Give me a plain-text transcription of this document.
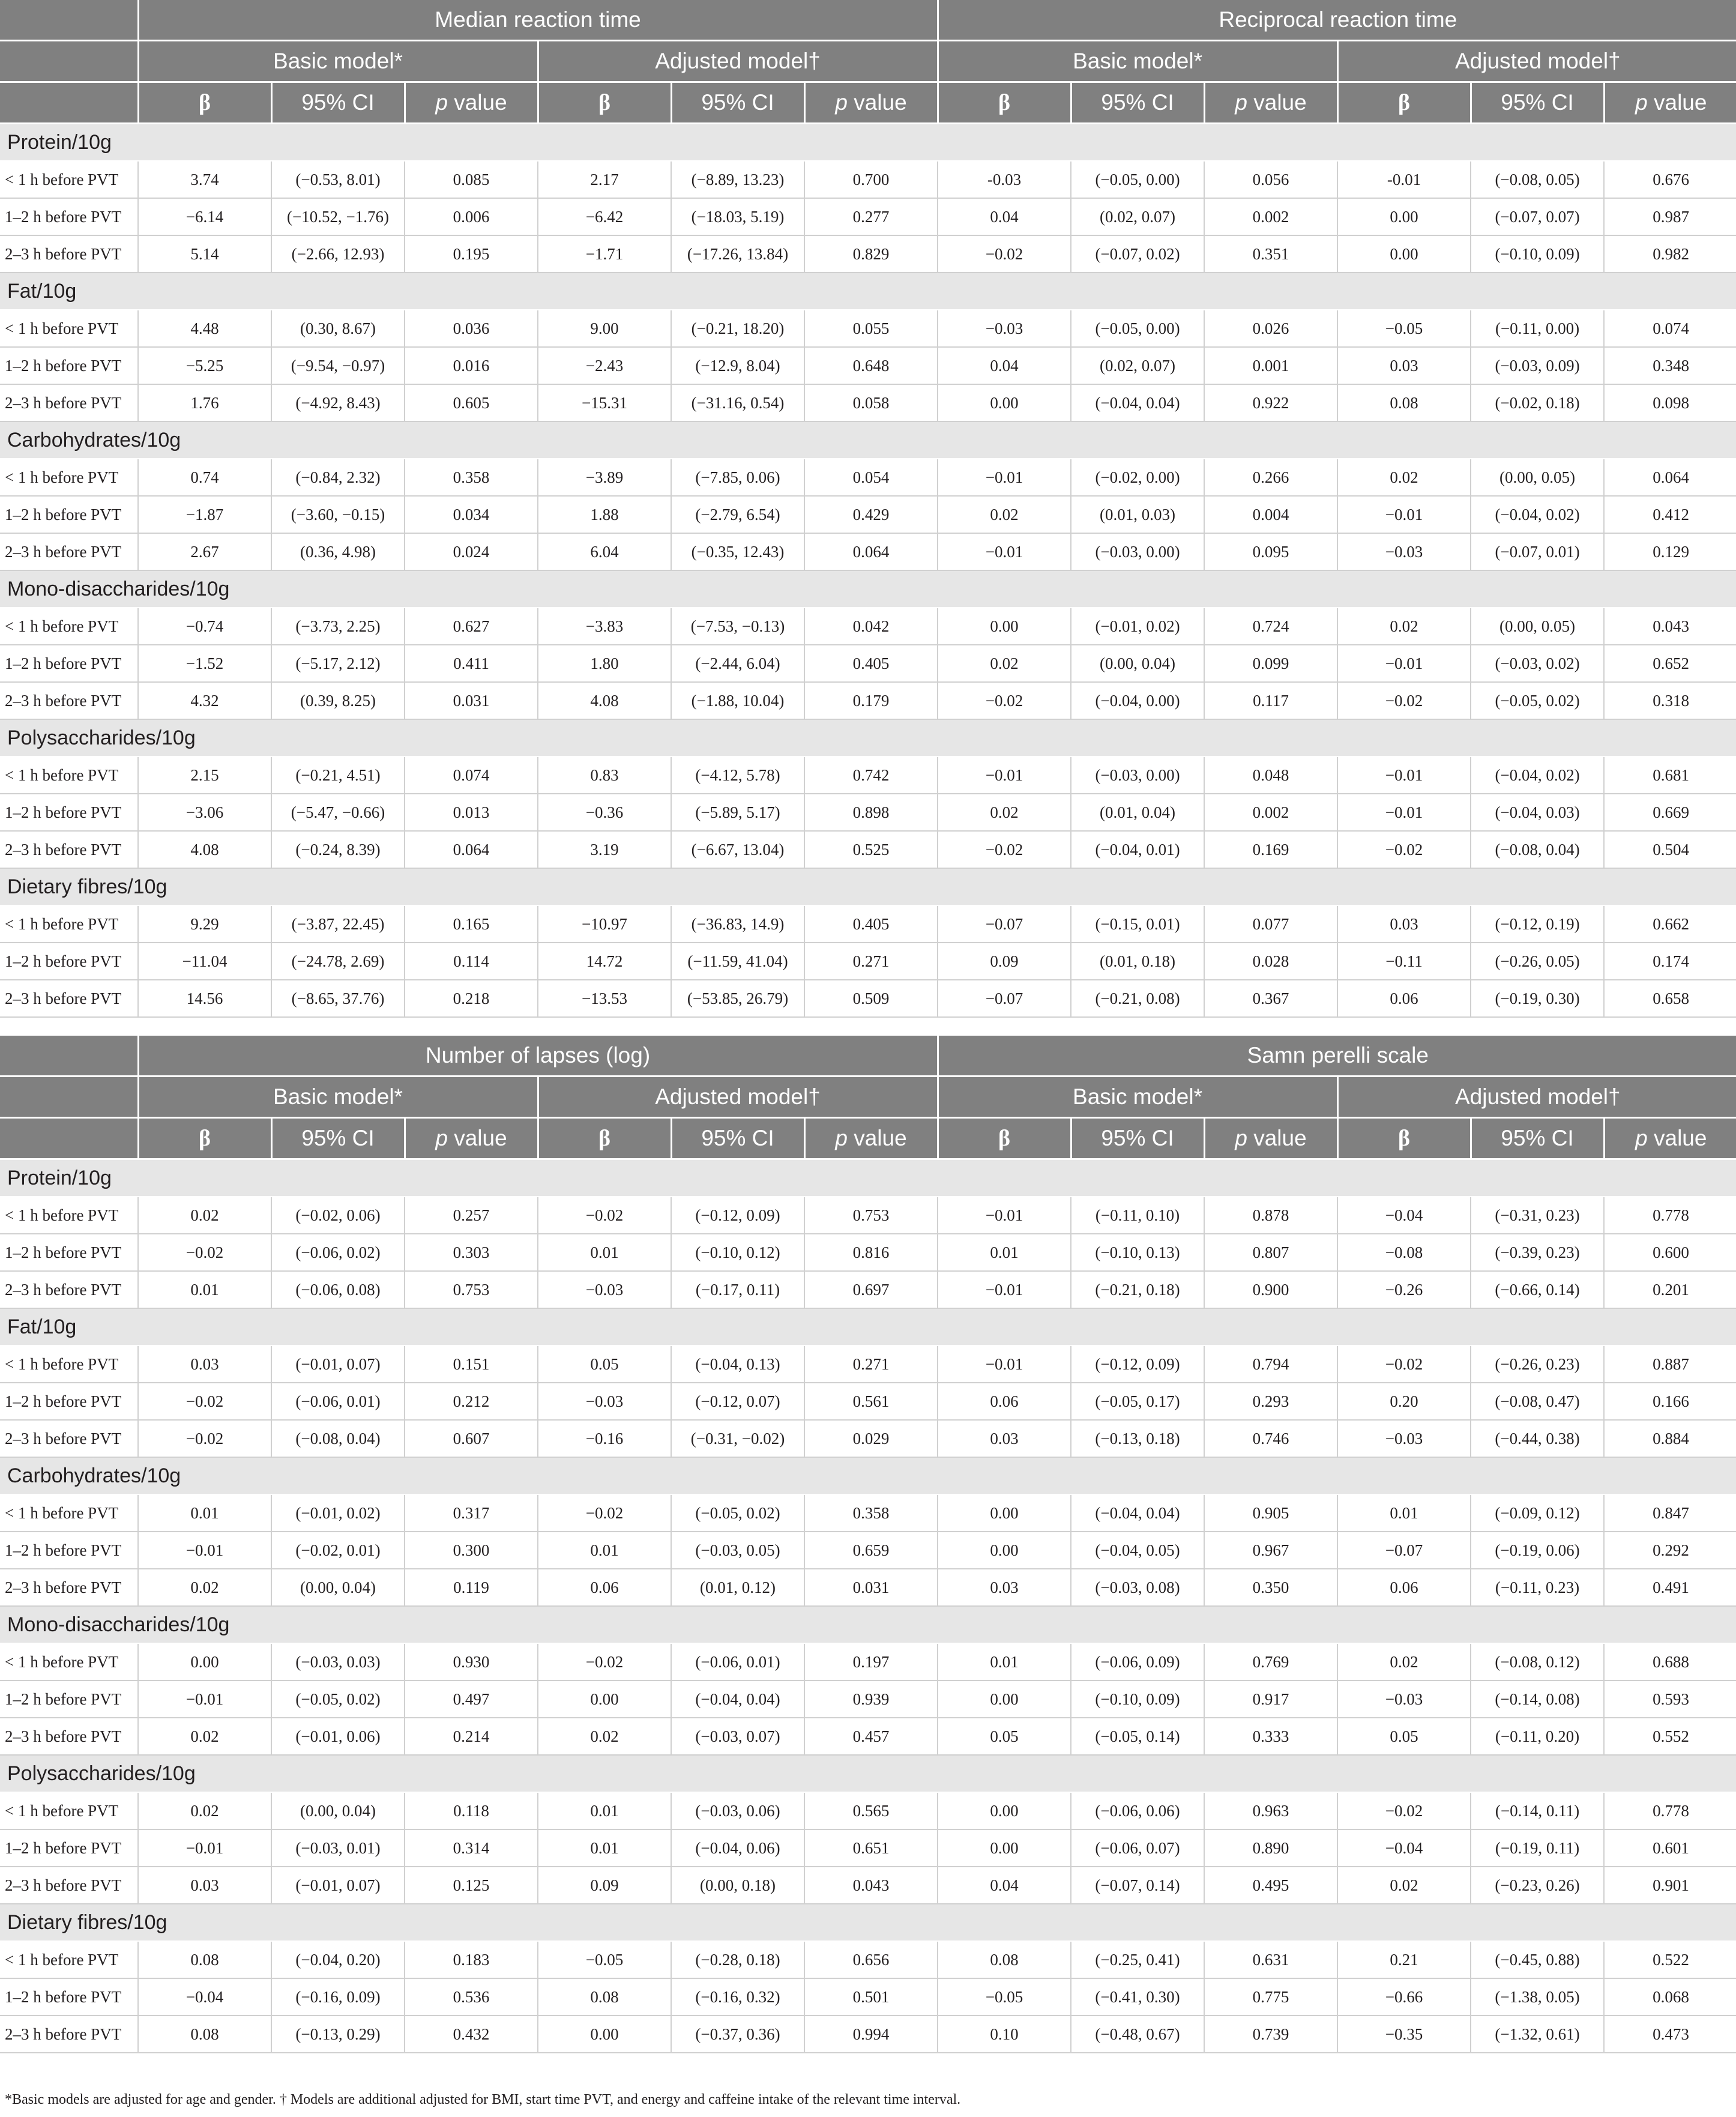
	Median reaction time						Reciprocal reaction time					
	Basic model*			Adjusted model†			Basic model*			Adjusted model†		
	β	95% CI	p value	β	95% CI	p value	β	95% CI	p value	β	95% CI	p value
Protein/10g												
< 1 h before PVT	3.74	(−0.53, 8.01)	0.085	2.17	(−8.89, 13.23)	0.700	-0.03	(−0.05, 0.00)	0.056	-0.01	(−0.08, 0.05)	0.676
1–2 h before PVT	−6.14	(−10.52, −1.76)	0.006	−6.42	(−18.03, 5.19)	0.277	0.04	(0.02, 0.07)	0.002	0.00	(−0.07, 0.07)	0.987
2–3 h before PVT	5.14	(−2.66, 12.93)	0.195	−1.71	(−17.26, 13.84)	0.829	−0.02	(−0.07, 0.02)	0.351	0.00	(−0.10, 0.09)	0.982
Fat/10g												
< 1 h before PVT	4.48	(0.30, 8.67)	0.036	9.00	(−0.21, 18.20)	0.055	−0.03	(−0.05, 0.00)	0.026	−0.05	(−0.11, 0.00)	0.074
1–2 h before PVT	−5.25	(−9.54, −0.97)	0.016	−2.43	(−12.9, 8.04)	0.648	0.04	(0.02, 0.07)	0.001	0.03	(−0.03, 0.09)	0.348
2–3 h before PVT	1.76	(−4.92, 8.43)	0.605	−15.31	(−31.16, 0.54)	0.058	0.00	(−0.04, 0.04)	0.922	0.08	(−0.02, 0.18)	0.098
Carbohydrates/10g												
< 1 h before PVT	0.74	(−0.84, 2.32)	0.358	−3.89	(−7.85, 0.06)	0.054	−0.01	(−0.02, 0.00)	0.266	0.02	(0.00, 0.05)	0.064
1–2 h before PVT	−1.87	(−3.60, −0.15)	0.034	1.88	(−2.79, 6.54)	0.429	0.02	(0.01, 0.03)	0.004	−0.01	(−0.04, 0.02)	0.412
2–3 h before PVT	2.67	(0.36, 4.98)	0.024	6.04	(−0.35, 12.43)	0.064	−0.01	(−0.03, 0.00)	0.095	−0.03	(−0.07, 0.01)	0.129
Mono-disaccharides/10g												
< 1 h before PVT	−0.74	(−3.73, 2.25)	0.627	−3.83	(−7.53, −0.13)	0.042	0.00	(−0.01, 0.02)	0.724	0.02	(0.00, 0.05)	0.043
1–2 h before PVT	−1.52	(−5.17, 2.12)	0.411	1.80	(−2.44, 6.04)	0.405	0.02	(0.00, 0.04)	0.099	−0.01	(−0.03, 0.02)	0.652
2–3 h before PVT	4.32	(0.39, 8.25)	0.031	4.08	(−1.88, 10.04)	0.179	−0.02	(−0.04, 0.00)	0.117	−0.02	(−0.05, 0.02)	0.318
Polysaccharides/10g												
< 1 h before PVT	2.15	(−0.21, 4.51)	0.074	0.83	(−4.12, 5.78)	0.742	−0.01	(−0.03, 0.00)	0.048	−0.01	(−0.04, 0.02)	0.681
1–2 h before PVT	−3.06	(−5.47, −0.66)	0.013	−0.36	(−5.89, 5.17)	0.898	0.02	(0.01, 0.04)	0.002	−0.01	(−0.04, 0.03)	0.669
2–3 h before PVT	4.08	(−0.24, 8.39)	0.064	3.19	(−6.67, 13.04)	0.525	−0.02	(−0.04, 0.01)	0.169	−0.02	(−0.08, 0.04)	0.504
Dietary fibres/10g												
< 1 h before PVT	9.29	(−3.87, 22.45)	0.165	−10.97	(−36.83, 14.9)	0.405	−0.07	(−0.15, 0.01)	0.077	0.03	(−0.12, 0.19)	0.662
1–2 h before PVT	−11.04	(−24.78, 2.69)	0.114	14.72	(−11.59, 41.04)	0.271	0.09	(0.01, 0.18)	0.028	−0.11	(−0.26, 0.05)	0.174
2–3 h before PVT	14.56	(−8.65, 37.76)	0.218	−13.53	(−53.85, 26.79)	0.509	−0.07	(−0.21, 0.08)	0.367	0.06	(−0.19, 0.30)	0.658
	Number of lapses (log)						Samn perelli scale					
	Basic model*			Adjusted model†			Basic model*			Adjusted model†		
	β	95% CI	p value	β	95% CI	p value	β	95% CI	p value	β	95% CI	p value
Protein/10g												
< 1 h before PVT	0.02	(−0.02, 0.06)	0.257	−0.02	(−0.12, 0.09)	0.753	−0.01	(−0.11, 0.10)	0.878	−0.04	(−0.31, 0.23)	0.778
1–2 h before PVT	−0.02	(−0.06, 0.02)	0.303	0.01	(−0.10, 0.12)	0.816	0.01	(−0.10, 0.13)	0.807	−0.08	(−0.39, 0.23)	0.600
2–3 h before PVT	0.01	(−0.06, 0.08)	0.753	−0.03	(−0.17, 0.11)	0.697	−0.01	(−0.21, 0.18)	0.900	−0.26	(−0.66, 0.14)	0.201
Fat/10g												
< 1 h before PVT	0.03	(−0.01, 0.07)	0.151	0.05	(−0.04, 0.13)	0.271	−0.01	(−0.12, 0.09)	0.794	−0.02	(−0.26, 0.23)	0.887
1–2 h before PVT	−0.02	(−0.06, 0.01)	0.212	−0.03	(−0.12, 0.07)	0.561	0.06	(−0.05, 0.17)	0.293	0.20	(−0.08, 0.47)	0.166
2–3 h before PVT	−0.02	(−0.08, 0.04)	0.607	−0.16	(−0.31, −0.02)	0.029	0.03	(−0.13, 0.18)	0.746	−0.03	(−0.44, 0.38)	0.884
Carbohydrates/10g												
< 1 h before PVT	0.01	(−0.01, 0.02)	0.317	−0.02	(−0.05, 0.02)	0.358	0.00	(−0.04, 0.04)	0.905	0.01	(−0.09, 0.12)	0.847
1–2 h before PVT	−0.01	(−0.02, 0.01)	0.300	0.01	(−0.03, 0.05)	0.659	0.00	(−0.04, 0.05)	0.967	−0.07	(−0.19, 0.06)	0.292
2–3 h before PVT	0.02	(0.00, 0.04)	0.119	0.06	(0.01, 0.12)	0.031	0.03	(−0.03, 0.08)	0.350	0.06	(−0.11, 0.23)	0.491
Mono-disaccharides/10g												
< 1 h before PVT	0.00	(−0.03, 0.03)	0.930	−0.02	(−0.06, 0.01)	0.197	0.01	(−0.06, 0.09)	0.769	0.02	(−0.08, 0.12)	0.688
1–2 h before PVT	−0.01	(−0.05, 0.02)	0.497	0.00	(−0.04, 0.04)	0.939	0.00	(−0.10, 0.09)	0.917	−0.03	(−0.14, 0.08)	0.593
2–3 h before PVT	0.02	(−0.01, 0.06)	0.214	0.02	(−0.03, 0.07)	0.457	0.05	(−0.05, 0.14)	0.333	0.05	(−0.11, 0.20)	0.552
Polysaccharides/10g												
< 1 h before PVT	0.02	(0.00, 0.04)	0.118	0.01	(−0.03, 0.06)	0.565	0.00	(−0.06, 0.06)	0.963	−0.02	(−0.14, 0.11)	0.778
1–2 h before PVT	−0.01	(−0.03, 0.01)	0.314	0.01	(−0.04, 0.06)	0.651	0.00	(−0.06, 0.07)	0.890	−0.04	(−0.19, 0.11)	0.601
2–3 h before PVT	0.03	(−0.01, 0.07)	0.125	0.09	(0.00, 0.18)	0.043	0.04	(−0.07, 0.14)	0.495	0.02	(−0.23, 0.26)	0.901
Dietary fibres/10g												
< 1 h before PVT	0.08	(−0.04, 0.20)	0.183	−0.05	(−0.28, 0.18)	0.656	0.08	(−0.25, 0.41)	0.631	0.21	(−0.45, 0.88)	0.522
1–2 h before PVT	−0.04	(−0.16, 0.09)	0.536	0.08	(−0.16, 0.32)	0.501	−0.05	(−0.41, 0.30)	0.775	−0.66	(−1.38, 0.05)	0.068
2–3 h before PVT	0.08	(−0.13, 0.29)	0.432	0.00	(−0.37, 0.36)	0.994	0.10	(−0.48, 0.67)	0.739	−0.35	(−1.32, 0.61)	0.473
*Basic models are adjusted for age and gender. † Models are additional adjusted for BMI, start time PVT, and energy and caffeine intake of the relevant time interval.
